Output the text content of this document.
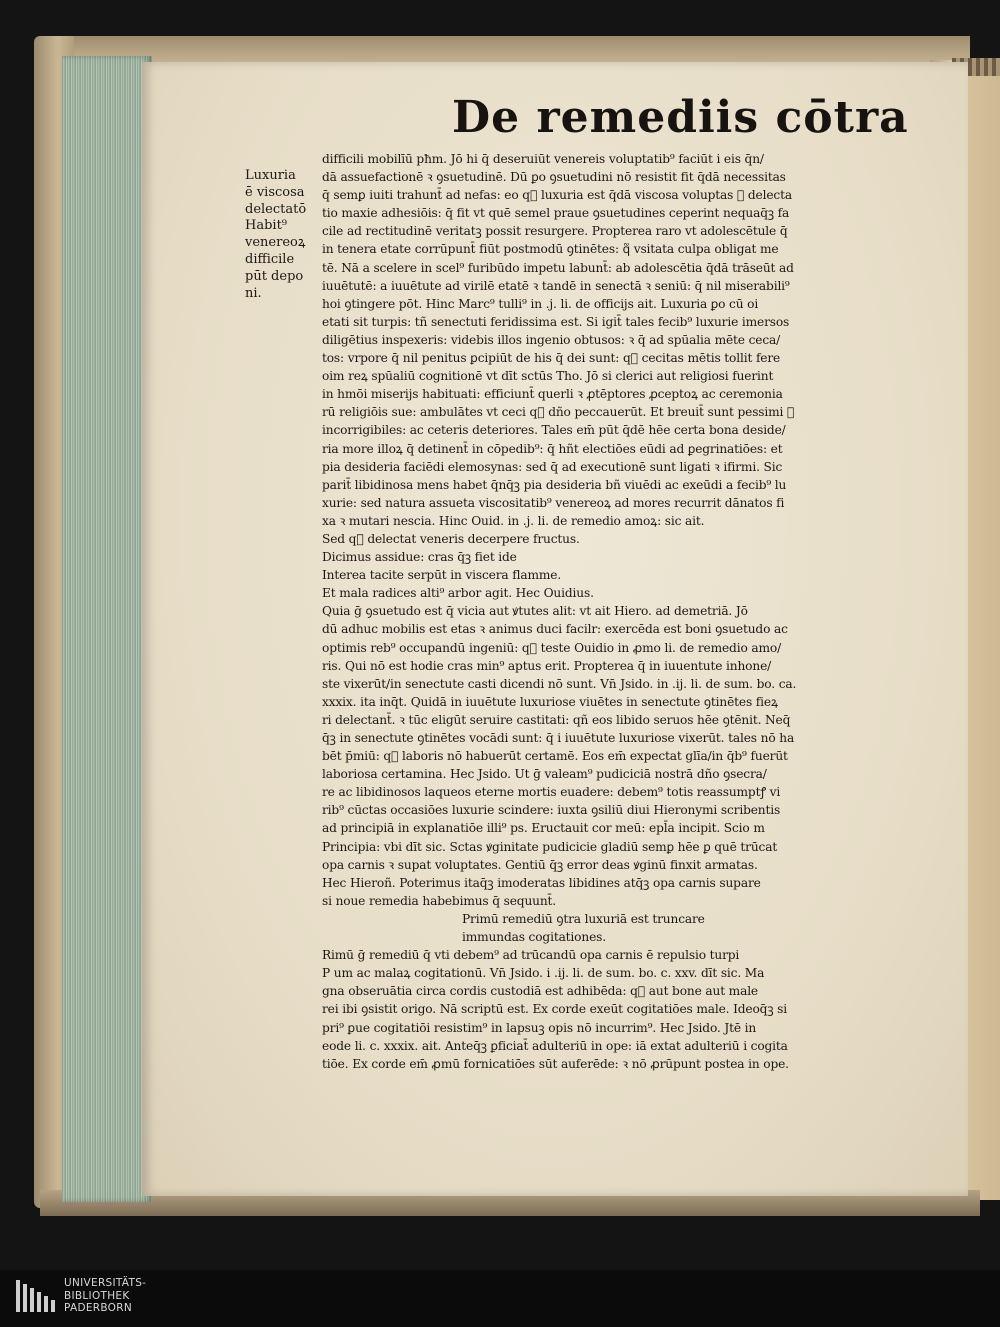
De remediis cōtra
Luxuria
ē viscosa
delectatō
Habit⁹
venereoꝝ
difficile
pūt depo
ni.
difficili mobilīū pħm. Jō hi q̄ deseruiūt venereis voluptatib⁹ faciūt i eis q̄n/
dā assuefactionē ꝛ ꝯsuetudinē. Dū ꝑo ꝯsuetudini nō resistit fit q̄dā necessitas
q̄ semꝑ iuiti trahunt̄ ad nefas: eo q᷑ luxuria est q̄dā viscosa voluptas ꝛ delecta
tio maxie adhesiōis: q̄ fit vt quē semel praue ꝯsuetudines ceperint nequaq̄ꝫ fa
cile ad rectitudinē veritatꝫ possit resurgere. Propterea raro vt adolescētule q̄
in tenera etate corrūpunt̄ fiūt postmodū ꝯtinētes: q᷑ vsitata culpa obligat me
tē. Nā a scelere in scel⁹ furibūdo impetu labunt̄: ab adolescētia q̄dā trāseūt ad
iuuētutē: a iuuētute ad virilē etatē ꝛ tandē in senectā ꝛ seniū: q̄ nil miserabili⁹
hoi ꝯtingere pōt. Hinc Marc⁹ tulli⁹ in .j. li. de officijs ait. Luxuria ꝑo cū oi
etati sit turpis: tñ senectuti feridissima est. Si igit̄ tales fecib⁹ luxurie imersos
diligētius inspexeris: videbis illos ingenio obtusos: ꝛ q̄ ad spūalia mēte ceca/
tos: vrpore q̄ nil penitus ꝑcipiūt de his q̄ dei sunt: q᷑ cecitas mētis tollit fere
oim reꝝ spūaliū cognitionē vt dīt sctūs Tho. Jō si clerici aut religiosi fuerint
in hmōi miserijs habituati: efficiunt̄ querli ꝛ ꝓtēptores ꝓceptoꝝ ac ceremonia
rū religiōis sue: ambulātes vt ceci q᷑ dño peccauerūt. Et breuit̄ sunt pessimi ꝛ
incorrigibiles: ac ceteris deteriores. Tales em̄ pūt q̄dē hēe certa bona deside/
ria more illoꝝ q̄ detinent̄ in cōpedib⁹: q̄ hñt electiōes eūdi ad ꝑegrinatiōes: et
pia desideria faciēdi elemosynas: sed q̄ ad executionē sunt ligati ꝛ ifirmi. Sic
parit̄ libidinosa mens habet q̄nq̄ꝫ pia desideria bñ viuēdi ac exeūdi a fecib⁹ lu
xurie: sed natura assueta viscositatib⁹ venereoꝝ ad mores recurrit dānatos fi
xa ꝛ mutari nescia. Hinc Ouid. in .j. li. de remedio amoꝝ: sic ait.
Sed q᷑ delectat veneris decerpere fructus.
Dicimus assidue: cras q̄ꝫ fiet ide
Interea tacite serpūt in viscera flamme.
Et mala radices alti⁹ arbor agit. Hec Ouidius.
Quia ḡ ꝯsuetudo est q̄ vicia aut ꝟtutes alit: vt ait Hiero. ad demetriā. Jō
dū adhuc mobilis est etas ꝛ animus duci facilr: exercēda est boni ꝯsuetudo ac
optimis reb⁹ occupandū ingeniū: q᷑ teste Ouidio in ꝓmo li. de remedio amo/
ris. Qui nō est hodie cras min⁹ aptus erit. Propterea q̄ in iuuentute inhone/
ste vixerūt/in senectute casti dicendi nō sunt. Vn̄ Jsido. in .ij. li. de sum. bo. ca.
xxxix. ita inq̄t. Quidā in iuuētute luxuriose viuētes in senectute ꝯtinētes fieꝝ
ri delectant̄. ꝛ tūc eligūt seruire castitati: qñ eos libido seruos hēe ꝯtēnit. Neq̄
q̄ꝫ in senectute ꝯtinētes vocādi sunt: q̄ i iuuētute luxuriose vixerūt. tales nō ha
bēt p̄miū: q᷑ laboris nō habuerūt certamē. Eos em̄ expectat glīa/in q̄b⁹ fuerūt
laboriosa certamina. Hec Jsido. Ut ḡ valeam⁹ pudiciciā nostrā dño ꝯsecra/
re ac libidinosos laqueos eterne mortis euadere: debem⁹ totis reassumptꝭ vi
rib⁹ cūctas occasiōes luxurie scindere: iuxta ꝯsiliū diui Hieronymi scribentis
ad principiā in explanatiōe illi⁹ ps. Eructauit cor meū: epl̄a incipit. Scio m
Principia: vbi dīt sic. Sctas ꝟginitate pudicicie gladiū semꝑ hēe ꝑ quē trūcat
opa carnis ꝛ supat voluptates. Gentiū q̄ꝫ error deas ꝟginū finxit armatas.
Hec Hieroñ. Poterimus itaq̄ꝫ imoderatas libidines atq̄ꝫ opa carnis supare
si noue remedia habebimus q̄ sequunt̄.
Primū remediū ꝯtra luxuriā est truncare
immundas cogitationes.
Rimū ḡ remediū q̄ vti debem⁹ ad trūcandū opa carnis ē repulsio turpi
P um ac malaꝝ cogitationū. Vn̄ Jsido. i .ij. li. de sum. bo. c. xxv. dīt sic. Ma
gna obseruātia circa cordis custodiā est adhibēda: q᷑ aut bone aut male
rei ibi ꝯsistit origo. Nā scriptū est. Ex corde exeūt cogitatiōes male. Ideoq̄ꝫ si
pri⁹ ꝑue cogitatiōi resistim⁹ in lapsuꝫ opis nō incurrim⁹. Hec Jsido. Jtē in
eode li. c. xxxix. ait. Anteq̄ꝫ ꝑficiat̄ adulteriū in ope: iā extat adulteriū i cogita
tiōe. Ex corde em̄ ꝓmū fornicatiōes sūt auferēde: ꝛ nō ꝓrūpunt postea in ope.
UNIVERSITÄTS-
BIBLIOTHEK
PADERBORN
